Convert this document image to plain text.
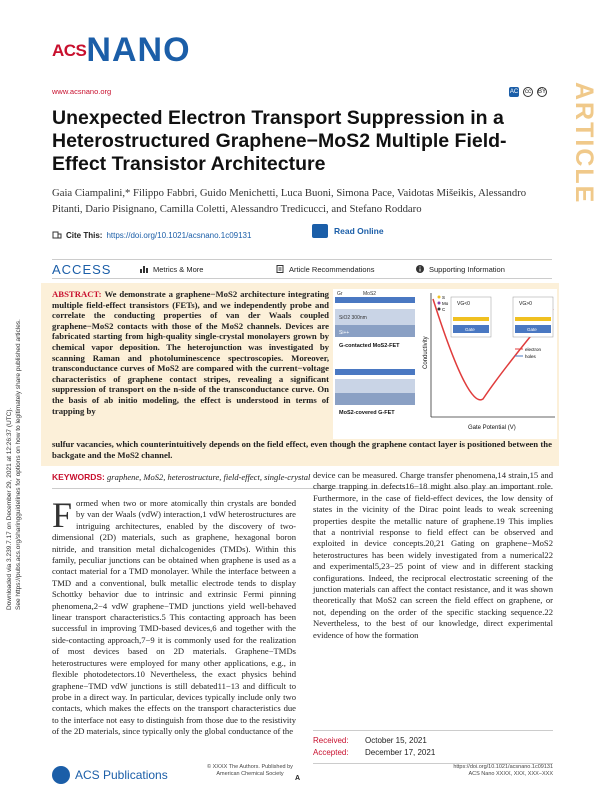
Downloaded via 3.239.7.17 on December 29, 2021 at 12:26:37 (UTC). See https://pubs.acs.org/sharingguidelines for options on how to legitimately share published articles.
ACS NANO
www.acsnano.org	AC	cc	BY ARTICLE
Unexpected Electron Transport Suppression in a Heterostructured Graphene−MoS2 Multiple Field-Effect Transistor Architecture
Gaia Ciampalini,* Filippo Fabbri, Guido Menichetti, Luca Buoni, Simona Pace, Vaidotas Mišeikis, Alessandro Pitanti, Dario Pisignano, Camilla Coletti, Alessandro Tredicucci, and Stefano Roddaro
Cite This: https://doi.org/10.1021/acsnano.1c09131	Read Online
ACCESS	Metrics & More	Article Recommendations	Supporting Information
ABSTRACT: We demonstrate a graphene−MoS2 architecture integrating multiple field-effect transistors (FETs), and we independently probe and correlate the conducting properties of van der Waals coupled graphene−MoS2 contacts with those of the MoS2 channels. Devices are fabricated starting from high-quality single-crystal monolayers grown by chemical vapor deposition. The heterojunction was investigated by scanning Raman and photoluminescence spectroscopies. Moreover, transconductance curves of MoS2 are compared with the current−voltage characteristics of graphene contact stripes, revealing a significant suppression of transport on the n-side of the transconductance curve. On the basis of ab initio modeling, the effect is understood in terms of trapping by
sulfur vacancies, which counterintuitively depends on the field effect, even though the graphene contact layer is positioned between the backgate and the MoS2 channel.
Gr	MoS2
SiO2 300nm
Si++
G-contacted MoS2-FET
MoS2-covered G-FET
Conductivity
Gate Potential (V)
VG<0	VG>0
Gate	Gate
S
Mo
C
electron
holes
KEYWORDS: graphene, MoS2, heterostructure, field-effect, single-crystal
Formed when two or more atomically thin crystals are bonded by van der Waals (vdW) interaction,1 vdW heterostructures are intriguing architectures, enabled by the discovery of two-dimensional (2D) materials, such as graphene, hexagonal boron nitride, and transition metal dichalcogenides (TMDs). Within this family, peculiar junctions can be obtained when graphene is used as a contact material for a TMD monolayer. While the interface between a TMD and a conventional, bulk metallic electrode tends to display Schottky behavior due to intrinsic and extrinsic Fermi pinning phenomena,2−4 vdW graphene−TMD junctions yield well-behaved linear transport characteristics.5 This contacting approach has been successful in improving TMD-based devices,6 and together with the side-contacting approach,7−9 it is commonly used for the realization of most devices based on 2D materials. Graphene−TMDs heterostructures were employed for many other applications, e.g., in flexible photodetectors.10 Nevertheless, the exact physics behind graphene−TMD vdW junctions is still debated11−13 and difficult to probe in a direct way. In particular, devices typically include only two contacts, which makes the effects on the transport characteristics due to the interface not easy to distinguish from those due to the resistivity of the 2D materials, since typically only the global conductance of the
device can be measured. Charge transfer phenomena,14 strain,15 and charge trapping in defects16−18 might also play an important role. Furthermore, in the case of field-effect devices, the low density of states in the vicinity of the Dirac point leads to weak screening properties despite the metallic nature of graphene.19 This implies that a nontrivial response to field effect can be observed and exploited in device concepts.20,21 Gating on graphene−MoS2 heterostructures has been widely investigated from a numerical22 and experimental5,23−25 point of view and in different stacking configurations. Indeed, the reciprocal electrostatic screening of the junction materials can affect the contact resistance, and it was shown theoretically that MoS2 can screen the field effect on graphene, or not, depending on the order of the specific stacking sequence.22 Nevertheless, to the best of our knowledge, direct experimental evidence of how the formation
Received: October 15, 2021
Accepted: December 17, 2021
ACS Publications
© XXXX The Authors. Published by American Chemical Society
A
https://doi.org/10.1021/acsnano.1c09131
ACS Nano XXXX, XXX, XXX−XXX
